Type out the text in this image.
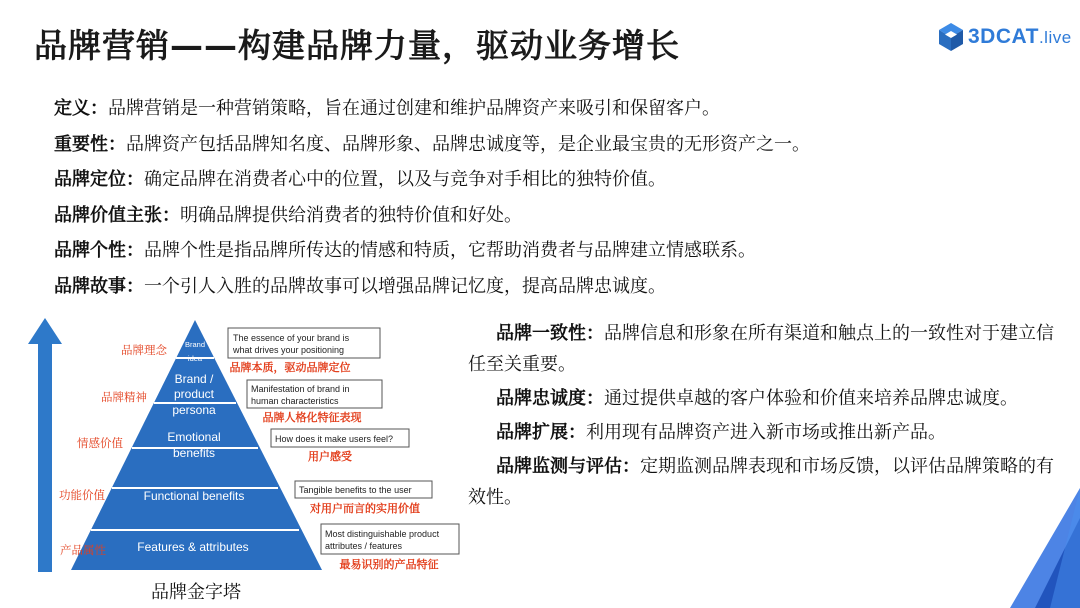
品牌营销——构建品牌力量，驱动业务增长	3DCAT.live
定义：品牌营销是一种营销策略，旨在通过创建和维护品牌资产来吸引和保留客户。
重要性：品牌资产包括品牌知名度、品牌形象、品牌忠诚度等，是企业最宝贵的无形资产之一。
品牌定位：确定品牌在消费者心中的位置，以及与竞争对手相比的独特价值。
品牌价值主张：明确品牌提供给消费者的独特价值和好处。
品牌个性：品牌个性是指品牌所传达的情感和特质，它帮助消费者与品牌建立情感联系。
品牌故事：一个引人入胜的品牌故事可以增强品牌记忆度，提高品牌忠诚度。
Brand idea
Brand / product persona
Emotional benefits
Functional benefits
Features & attributes
品牌理念
品牌精神
情感价值
功能价值
产品属性
The essence of your brand is what drives your positioning
Manifestation of brand in human characteristics
How does it make users feel?
Tangible benefits to the user
Most distinguishable product attributes / features
品牌本质，驱动品牌定位
品牌人格化特征表现
用户感受
对用户而言的实用价值
最易识别的产品特征
品牌金字塔

品牌一致性：品牌信息和形象在所有渠道和触点上的一致性对于建立信任至关重要。

品牌忠诚度：通过提供卓越的客户体验和价值来培养品牌忠诚度。

品牌扩展：利用现有品牌资产进入新市场或推出新产品。

品牌监测与评估：定期监测品牌表现和市场反馈，以评估品牌策略的有效性。
